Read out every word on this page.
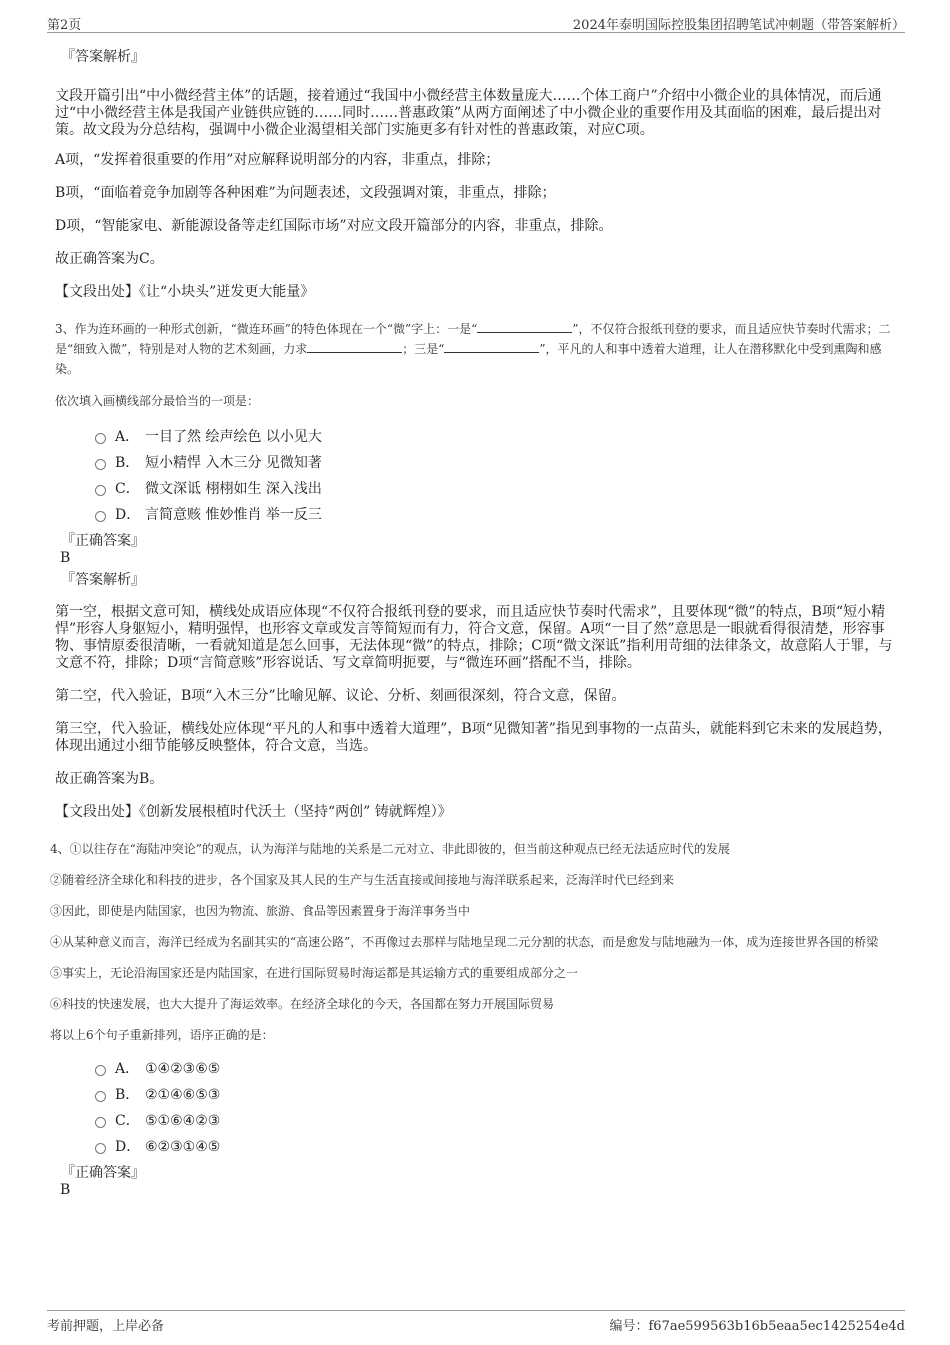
第2页	2024年泰明国际控股集团招聘笔试冲刺题（带答案解析）
『答案解析』

文段开篇引出“中小微经营主体”的话题，接着通过“我国中小微经营主体数量庞大……个体工商户”介绍中小微企业的具体情况，而后通过“中小微经营主体是我国产业链供应链的……同时……普惠政策”从两方面阐述了中小微企业的重要作用及其面临的困难，最后提出对策。故文段为分总结构，强调中小微企业渴望相关部门实施更多有针对性的普惠政策，对应C项。

A项，“发挥着很重要的作用”对应解释说明部分的内容，非重点，排除；

B项，“面临着竞争加剧等各种困难”为问题表述，文段强调对策，非重点，排除；

D项，“智能家电、新能源设备等走红国际市场”对应文段开篇部分的内容，非重点，排除。

故正确答案为C。

【文段出处】《让“小块头”迸发更大能量》

3、作为连环画的一种形式创新，“微连环画”的特色体现在一个“微”字上：一是“	”，不仅符合报纸刊登的要求，而且适应快节奏时代需求；二是“细致入微”，特别是对人物的艺术刻画，力求	；三是“	”，平凡的人和事中透着大道理，让人在潜移默化中受到熏陶和感染。

依次填入画横线部分最恰当的一项是：

A． 一目了然 绘声绘色 以小见大
B． 短小精悍 入木三分 见微知著
C． 微文深诋 栩栩如生 深入浅出
D． 言简意赅 惟妙惟肖 举一反三
『正确答案』
B
『答案解析』

第一空，根据文意可知，横线处成语应体现“不仅符合报纸刊登的要求，而且适应快节奏时代需求”，且要体现“微”的特点，B项“短小精悍”形容人身躯短小，精明强悍，也形容文章或发言等简短而有力，符合文意，保留。A项“一目了然”意思是一眼就看得很清楚，形容事物、事情原委很清晰，一看就知道是怎么回事，无法体现“微”的特点，排除；C项“微文深诋”指利用苛细的法律条文，故意陷人于罪，与文意不符，排除；D项“言简意赅”形容说话、写文章简明扼要，与“微连环画”搭配不当，排除。

第二空，代入验证，B项“入木三分”比喻见解、议论、分析、刻画很深刻，符合文意，保留。

第三空，代入验证，横线处应体现“平凡的人和事中透着大道理”，B项“见微知著”指见到事物的一点苗头，就能料到它未来的发展趋势，体现出通过小细节能够反映整体，符合文意，当选。

故正确答案为B。

【文段出处】《创新发展根植时代沃土（坚持“两创” 铸就辉煌）》

4、①以往存在“海陆冲突论”的观点，认为海洋与陆地的关系是二元对立、非此即彼的，但当前这种观点已经无法适应时代的发展

②随着经济全球化和科技的进步，各个国家及其人民的生产与生活直接或间接地与海洋联系起来，泛海洋时代已经到来

③因此，即使是内陆国家，也因为物流、旅游、食品等因素置身于海洋事务当中

④从某种意义而言，海洋已经成为名副其实的“高速公路”，不再像过去那样与陆地呈现二元分割的状态，而是愈发与陆地融为一体，成为连接世界各国的桥梁

⑤事实上，无论沿海国家还是内陆国家，在进行国际贸易时海运都是其运输方式的重要组成部分之一

⑥科技的快速发展，也大大提升了海运效率。在经济全球化的今天，各国都在努力开展国际贸易

将以上6个句子重新排列，语序正确的是：

A． ①④②③⑥⑤
B． ②①④⑥⑤③
C． ⑤①⑥④②③
D． ⑥②③①④⑤
『正确答案』
B
考前押题，上岸必备	编号：f67ae599563b16b5eaa5ec1425254e4d
